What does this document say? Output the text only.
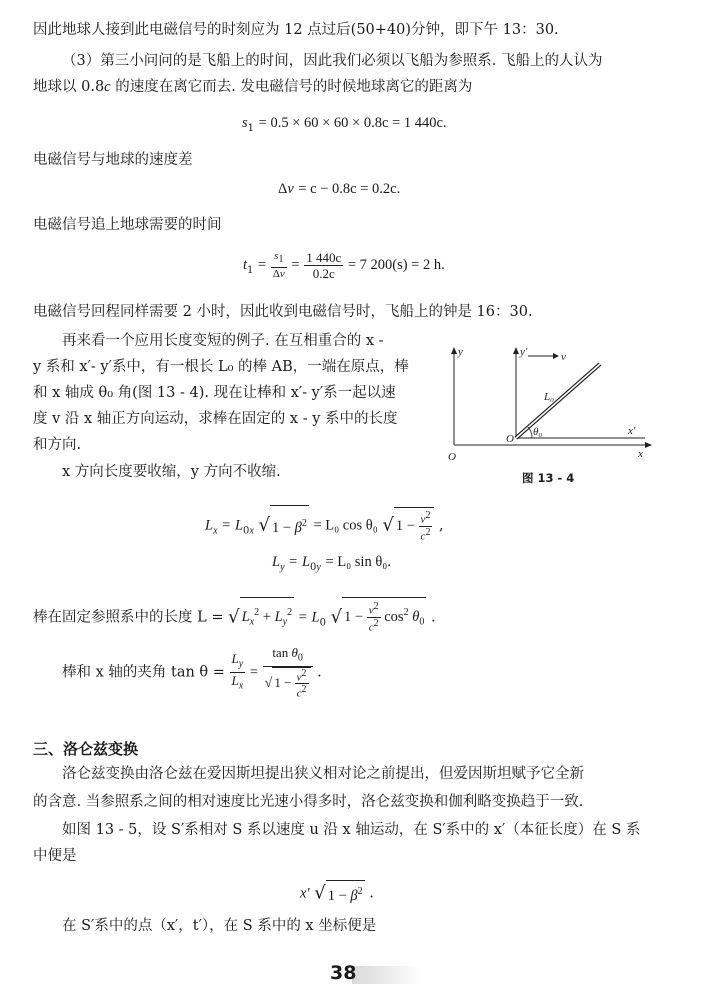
因此地球人接到此电磁信号的时刻应为 12 点过后(50+40)分钟，即下午 13：30.
（3）第三小问问的是飞船上的时间，因此我们必须以飞船为参照系. 飞船上的人认为
地球以 0.8c 的速度在离它而去. 发电磁信号的时候地球离它的距离为
$s_1 = 0.5 \times 60 \times 60 \times 0.8c = 1$ 440c.
电磁信号与地球的速度差
Δv = c − 0.8c = 0.2c.
电磁信号追上地球需要的时间
$t_1 = \frac{s_1}{\Delta v} = \frac{1 440c}{0.2c} = 7$ 200(s) = 2 h.
电磁信号回程同样需要 2 小时，因此收到电磁信号时，飞船上的钟是 16：30.
再来看一个应用长度变短的例子. 在互相重合的 x -
y 系和 x′- y′系中，有一根长 L₀ 的棒 AB，一端在原点，棒
和 x 轴成 θ₀ 角(图 13 - 4). 现在让棒和 x′- y′系一起以速
度 v 沿 x 轴正方向运动，求棒在固定的 x - y 系中的长度
和方向.
x 方向长度要收缩，y 方向不收缩.
y	y′	v
L₀
θ₀
O
O′
x′
x
图 13 - 4
$L_x = L_{0x}$ √ $1 - \beta^2 = L_0$ cos θ₀ √ $1 - \frac{v^2}{c^2}$ ,
$L_y = L_{0y} = L_0$ sin θ₀.
棒在固定参照系中的长度 L = √ $L_x^2 + L_y^2 = L_0$ √ $1 - \frac{v^2}{c^2} \cos^2 \theta_0$ .
棒和 x 轴的夹角 $\tan \theta = \frac{L_y}{L_x} = \frac{\tan \theta_0}{√ 1 - \frac{v^2}{c^2}}$ .
三、洛仑兹变换
洛仑兹变换由洛仑兹在爱因斯坦提出狭义相对论之前提出，但爱因斯坦赋予它全新
的含意. 当参照系之间的相对速度比光速小得多时，洛仑兹变换和伽利略变换趋于一致.
如图 13 - 5，设 S′系相对 S 系以速度 u 沿 x 轴运动，在 S′系中的 x′（本征长度）在 S 系
中便是
x′ √ $1 - \beta^2$ .
在 S′系中的点（x′，t′），在 S 系中的 x 坐标便是
38
